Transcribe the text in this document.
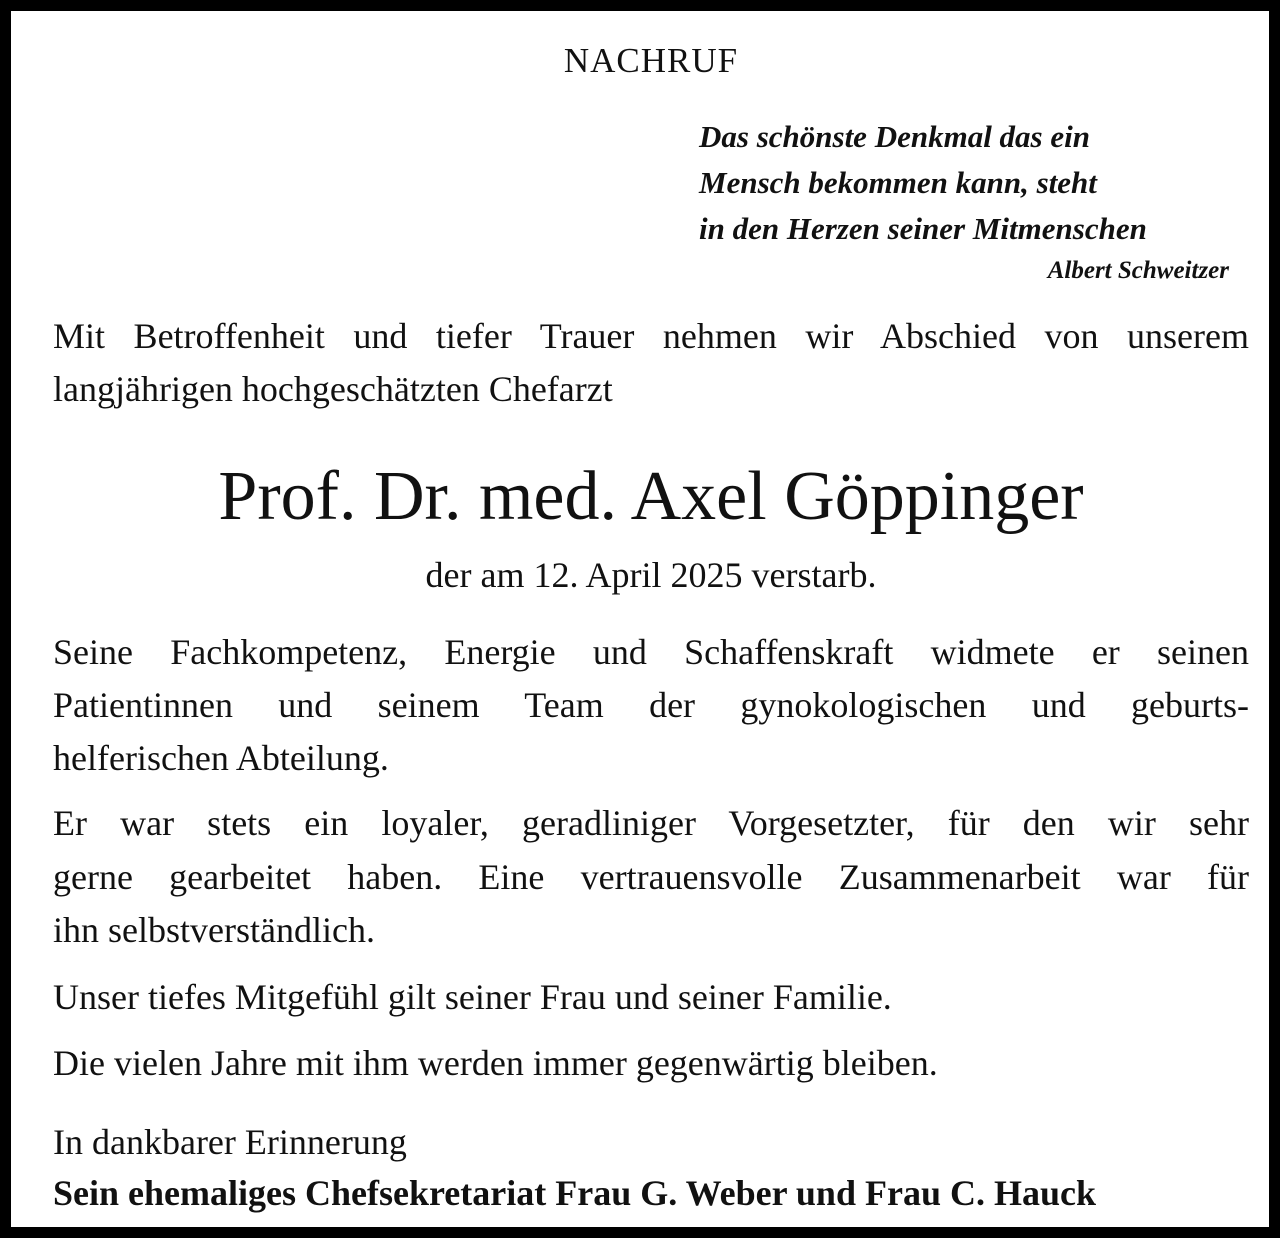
NACHRUF

Das schönste Denkmal das ein

Mensch bekommen kann, steht

in den Herzen seiner Mitmenschen

Albert Schweitzer

Mit Betroffenheit und tiefer Trauer nehmen wir Abschied von unserem

langjährigen hochgeschätzten Chefarzt

Prof. Dr. med. Axel Göppinger

der am 12. April 2025 verstarb.

Seine Fachkompetenz, Energie und Schaffenskraft widmete er seinen

Patientinnen und seinem Team der gynokologischen und geburts-

helferischen Abteilung.

Er war stets ein loyaler, geradliniger Vorgesetzter, für den wir sehr

gerne gearbeitet haben. Eine vertrauensvolle Zusammenarbeit war für

ihn selbstverständlich.

Unser tiefes Mitgefühl gilt seiner Frau und seiner Familie.

Die vielen Jahre mit ihm werden immer gegenwärtig bleiben.

In dankbarer Erinnerung

Sein ehemaliges Chefsekretariat Frau G. Weber und Frau C. Hauck
